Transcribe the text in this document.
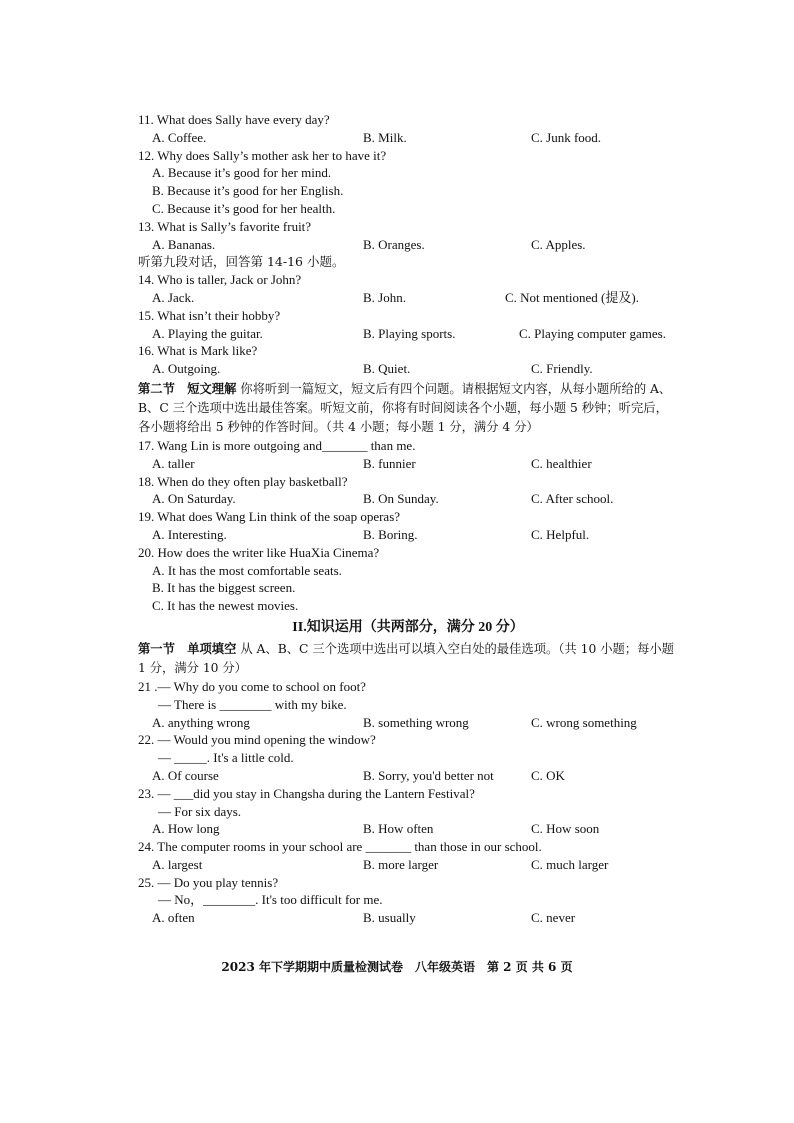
11. What does Sally have every day?
A. Coffee.	B. Milk.	C. Junk food.
12. Why does Sally’s mother ask her to have it?
A. Because it’s good for her mind.
B. Because it’s good for her English.
C. Because it’s good for her health.
13. What is Sally’s favorite fruit?
A. Bananas.	B. Oranges.	C. Apples.
听第九段对话，回答第 14-16 小题。
14. Who is taller, Jack or John?
A. Jack.	B. John.	C. Not mentioned (提及).
15. What isn’t their hobby?
A. Playing the guitar.	B. Playing sports.	C. Playing computer games.
16. What is Mark like?
A. Outgoing.	B. Quiet.	C. Friendly.
第二节　短文理解 你将听到一篇短文，短文后有四个问题。请根据短文内容，从每小题所给的 A、B、C 三个选项中选出最佳答案。听短文前，你将有时间阅读各个小题，每小题 5 秒钟；听完后，各小题将给出 5 秒钟的作答时间。（共 4 小题；每小题 1 分，满分 4 分）
17. Wang Lin is more outgoing and_______ than me.
A. taller	B. funnier	C. healthier
18. When do they often play basketball?
A. On Saturday.	B. On Sunday.	C. After school.
19. What does Wang Lin think of the soap operas?
A. Interesting.	B. Boring.	C. Helpful.
20. How does the writer like HuaXia Cinema?
A. It has the most comfortable seats.
B. It has the biggest screen.
C. It has the newest movies.
II.知识运用（共两部分，满分 20 分）
第一节　单项填空 从 A、B、C 三个选项中选出可以填入空白处的最佳选项。（共 10 小题；每小题 1 分，满分 10 分）
21 .— Why do you come to school on foot?
— There is ________ with my bike.
A. anything wrong	B. something wrong	C. wrong something
22. — Would you mind opening the window?
— _____. It's a little cold.
A. Of course	B. Sorry, you'd better not	C. OK
23. — ___did you stay in Changsha during the Lantern Festival?
— For six days.
A. How long	B. How often	C. How soon
24. The computer rooms in your school are _______ than those in our school.
A. largest	B. more larger	C. much larger
25. — Do you play tennis?
— No，________. It's too difficult for me.
A. often	B. usually	C. never
2023 年下学期期中质量检测试卷　八年级英语　第 2 页 共 6 页
